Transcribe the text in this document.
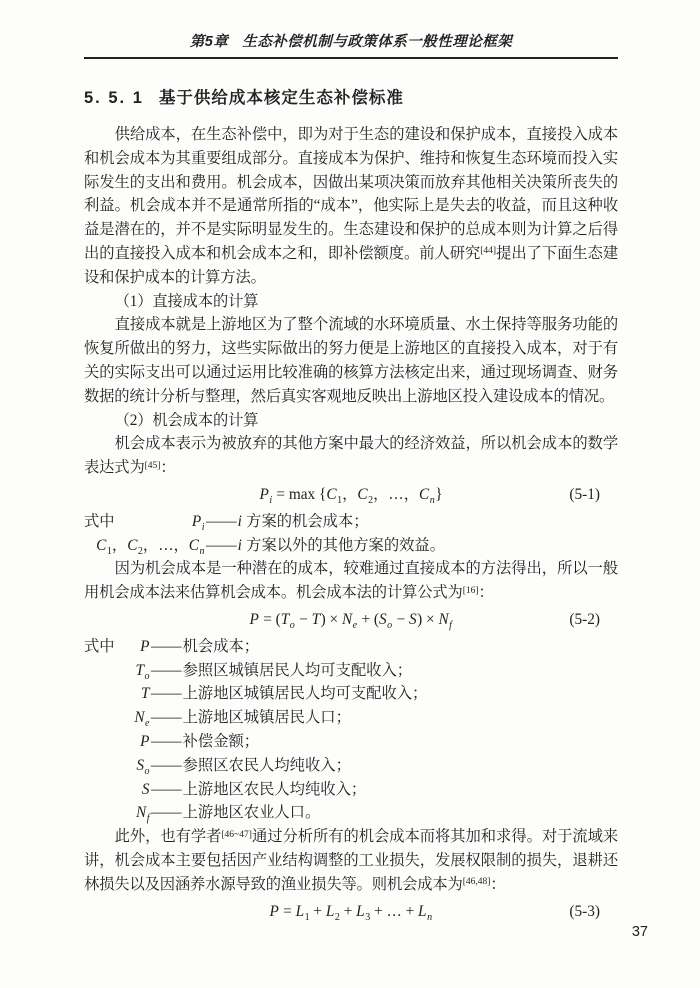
第5章 生态补偿机制与政策体系一般性理论框架
5. 5. 1 基于供给成本核定生态补偿标准

供给成本，在生态补偿中，即为对于生态的建设和保护成本，直接投入成本和机会成本为其重要组成部分。直接成本为保护、维持和恢复生态环境而投入实际发生的支出和费用。机会成本，因做出某项决策而放弃其他相关决策所丧失的利益。机会成本并不是通常所指的“成本”，他实际上是失去的收益，而且这种收益是潜在的，并不是实际明显发生的。生态建设和保护的总成本则为计算之后得出的直接投入成本和机会成本之和，即补偿额度。前人研究[44]提出了下面生态建设和保护成本的计算方法。

（1）直接成本的计算

直接成本就是上游地区为了整个流域的水环境质量、水土保持等服务功能的恢复所做出的努力，这些实际做出的努力便是上游地区的直接投入成本，对于有关的实际支出可以通过运用比较准确的核算方法核定出来，通过现场调查、财务数据的统计分析与整理，然后真实客观地反映出上游地区投入建设成本的情况。

（2）机会成本的计算

机会成本表示为被放弃的其他方案中最大的经济效益，所以机会成本的数学表达式为[45]：

$P_i = \max \{C_1$，$C_2$，…，$C_n$}	(5-1)
式中	$P_i——i$ 方案的机会成本；
$C_1$，$C_2$，…，$C_n——i$ 方案以外的其他方案的效益。

因为机会成本是一种潜在的成本，较难通过直接成本的方法得出，所以一般用机会成本法来估算机会成本。机会成本法的计算公式为[16]：

$P = (T_o - T) \times N_e + (S_o - S) \times N_f$	(5-2)
式中 P——机会成本；
$T_o——$参照区城镇居民人均可支配收入；
T——上游地区城镇居民人均可支配收入；
$N_e——$上游地区城镇居民人口；
P——补偿金额；
$S_o——$参照区农民人均纯收入；
S——上游地区农民人均纯收入；
$N_f——$上游地区农业人口。

此外，也有学者[46~47]通过分析所有的机会成本而将其加和求得。对于流域来讲，机会成本主要包括因产业结构调整的工业损失，发展权限制的损失，退耕还林损失以及因涵养水源导致的渔业损失等。则机会成本为[46,48]：

$P = L_1 + L_2 + L_3$ + … + $L_n$	(5-3)
37
